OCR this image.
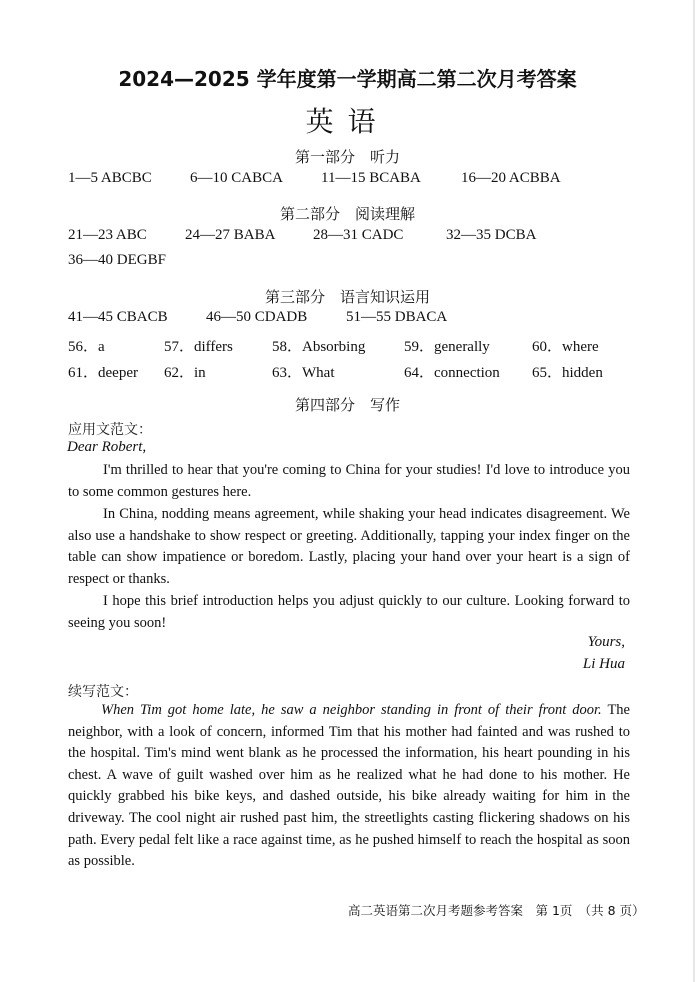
2024—2025 学年度第一学期高二第二次月考答案
英语
第一部分　听力
1—5 ABCBC	6—10 CABCA	11—15 BCABA	16—20 ACBBA
第二部分　阅读理解
21—23 ABC	24—27 BABA	28—31 CADC	32—35 DCBA
36—40 DEGBF
第三部分　语言知识运用
41—45 CBACB	46—50 CDADB	51—55 DBACA
56．a	57．differs	58．Absorbing	59．generally	60．where
61．deeper 62．in	63．What	64．connection 65．hidden
第四部分　写作
应用文范文：
Dear Robert,
I'm thrilled to hear that you're coming to China for your studies! I'd love to introduce you to some common gestures here.
In China, nodding means agreement, while shaking your head indicates disagreement. We also use a handshake to show respect or greeting. Additionally, tapping your index finger on the table can show impatience or boredom. Lastly, placing your hand over your heart is a sign of respect or thanks.
I hope this brief introduction helps you adjust quickly to our culture. Looking forward to seeing you soon!
Yours,
Li Hua
续写范文：
When Tim got home late, he saw a neighbor standing in front of their front door. The neighbor, with a look of concern, informed Tim that his mother had fainted and was rushed to the hospital. Tim's mind went blank as he processed the information, his heart pounding in his chest. A wave of guilt washed over him as he realized what he had done to his mother. He quickly grabbed his bike keys, and dashed outside, his bike already waiting for him in the driveway. The cool night air rushed past him, the streetlights casting flickering shadows on his path. Every pedal felt like a race against time, as he pushed himself to reach the hospital as soon as possible.
高二英语第二次月考题参考答案　第 1页　（共 8 页）
